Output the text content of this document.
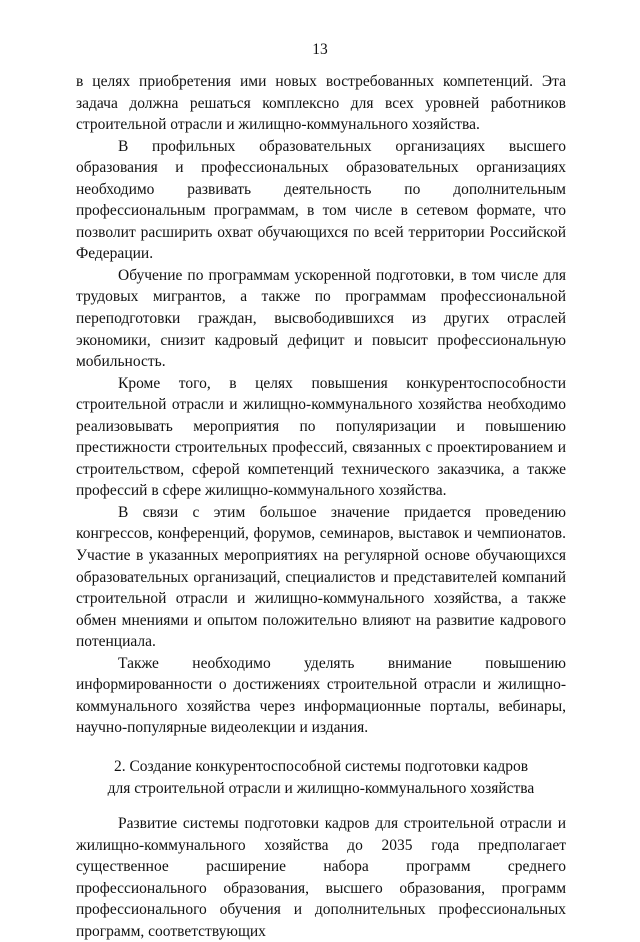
13

в целях приобретения ими новых востребованных компетенций. Эта задача должна решаться комплексно для всех уровней работников строительной отрасли и жилищно-коммунального хозяйства.

В профильных образовательных организациях высшего образования и профессиональных образовательных организациях необходимо развивать деятельность по дополнительным профессиональным программам, в том числе в сетевом формате, что позволит расширить охват обучающихся по всей территории Российской Федерации.

Обучение по программам ускоренной подготовки, в том числе для трудовых мигрантов, а также по программам профессиональной переподготовки граждан, высвободившихся из других отраслей экономики, снизит кадровый дефицит и повысит профессиональную мобильность.

Кроме того, в целях повышения конкурентоспособности строительной отрасли и жилищно-коммунального хозяйства необходимо реализовывать мероприятия по популяризации и повышению престижности строительных профессий, связанных с проектированием и строительством, сферой компетенций технического заказчика, а также профессий в сфере жилищно-коммунального хозяйства.

В связи с этим большое значение придается проведению конгрессов, конференций, форумов, семинаров, выставок и чемпионатов. Участие в указанных мероприятиях на регулярной основе обучающихся образовательных организаций, специалистов и представителей компаний строительной отрасли и жилищно-коммунального хозяйства, а также обмен мнениями и опытом положительно влияют на развитие кадрового потенциала.

Также необходимо уделять внимание повышению информированности о достижениях строительной отрасли и жилищно-коммунального хозяйства через информационные порталы, вебинары, научно-популярные видеолекции и издания.

2. Создание конкурентоспособной системы подготовки кадров
для строительной отрасли и жилищно-коммунального хозяйства

Развитие системы подготовки кадров для строительной отрасли и жилищно-коммунального хозяйства до 2035 года предполагает существенное расширение набора программ среднего профессионального образования, высшего образования, программ профессионального обучения и дополнительных профессиональных программ, соответствующих
